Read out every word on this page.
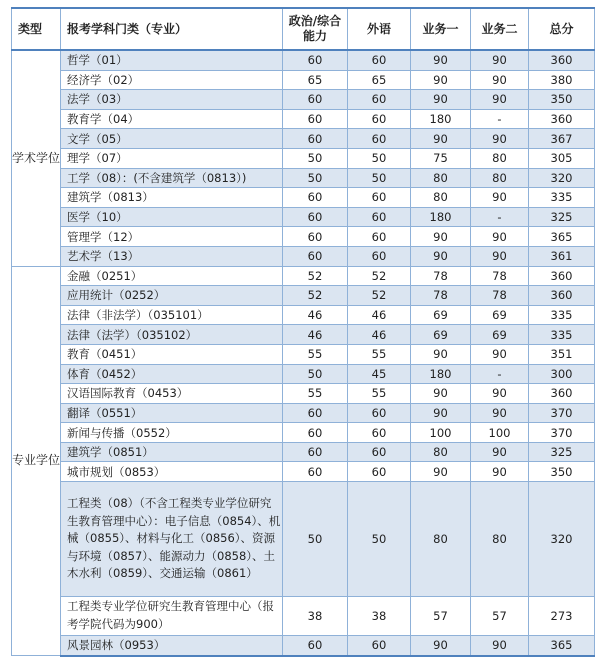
类型	报考学科门类（专业）	政治/综合能力	外语	业务一	业务二	总分
学术学位	哲学（01）	60	60	90	90	360
	经济学（02）	65	65	90	90	380
	法学（03）	60	60	90	90	350
	教育学（04）	60	60	180	-	360
	文学（05）	60	60	90	90	367
	理学（07）	50	50	75	80	305
	工学（08）：(不含建筑学（0813）)	50	50	80	80	320
	建筑学（0813）	60	60	80	90	335
	医学（10）	60	60	180	-	325
	管理学（12）	60	60	90	90	365
	艺术学（13）	60	60	90	90	361
专业学位	金融（0251）	52	52	78	78	360
	应用统计（0252）	52	52	78	78	360
	法律（非法学）（035101）	46	46	69	69	335
	法律（法学）（035102）	46	46	69	69	335
	教育（0451）	55	55	90	90	351
	体育（0452）	50	45	180	-	300
	汉语国际教育（0453）	55	55	90	90	360
	翻译（0551）	60	60	90	90	370
	新闻与传播（0552）	60	60	100	100	370
	建筑学（0851）	60	60	80	90	325
	城市规划（0853）	60	60	90	90	350
	工程类（08）（不含工程类专业学位研究生教育管理中心）：电子信息（0854）、机械（0855）、材料与化工（0856）、资源与环境（0857）、能源动力（0858）、土木水利（0859）、交通运输（0861）	50	50	80	80	320
	工程类专业学位研究生教育管理中心（报考学院代码为900）	38	38	57	57	273
	风景园林（0953）	60	60	90	90	365
